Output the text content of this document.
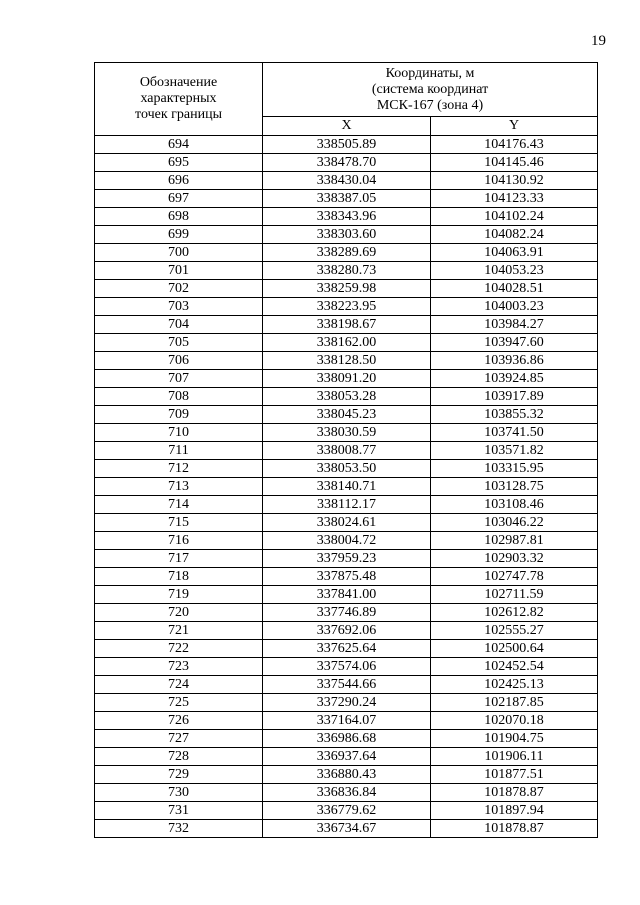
19
Обозначение
характерных
точек границы	Координаты, м
(система координат
МСК-167 (зона 4)	
	X	Y
694	338505.89	104176.43
695	338478.70	104145.46
696	338430.04	104130.92
697	338387.05	104123.33
698	338343.96	104102.24
699	338303.60	104082.24
700	338289.69	104063.91
701	338280.73	104053.23
702	338259.98	104028.51
703	338223.95	104003.23
704	338198.67	103984.27
705	338162.00	103947.60
706	338128.50	103936.86
707	338091.20	103924.85
708	338053.28	103917.89
709	338045.23	103855.32
710	338030.59	103741.50
711	338008.77	103571.82
712	338053.50	103315.95
713	338140.71	103128.75
714	338112.17	103108.46
715	338024.61	103046.22
716	338004.72	102987.81
717	337959.23	102903.32
718	337875.48	102747.78
719	337841.00	102711.59
720	337746.89	102612.82
721	337692.06	102555.27
722	337625.64	102500.64
723	337574.06	102452.54
724	337544.66	102425.13
725	337290.24	102187.85
726	337164.07	102070.18
727	336986.68	101904.75
728	336937.64	101906.11
729	336880.43	101877.51
730	336836.84	101878.87
731	336779.62	101897.94
732	336734.67	101878.87
